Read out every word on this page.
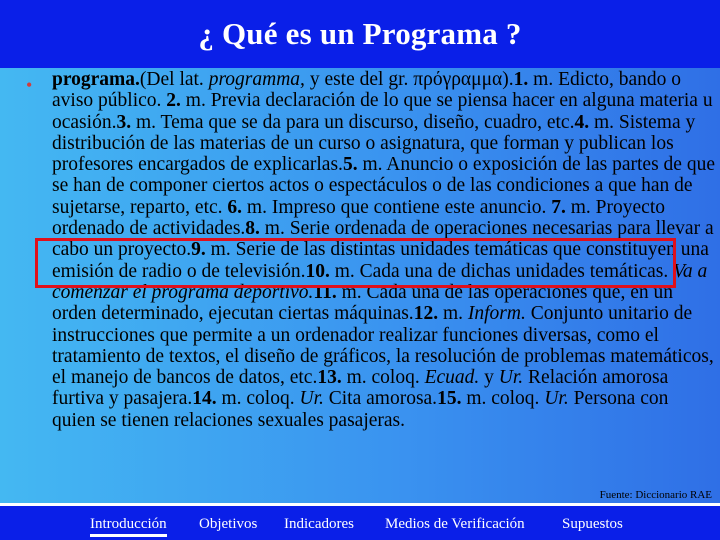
¿ Qué es un Programa ?
• programa.(Del lat. programma, y este del gr. πρόγραμμα).1. m. Edicto, bando o aviso público. 2. m. Previa declaración de lo que se piensa hacer en alguna materia u ocasión.3. m. Tema que se da para un discurso, diseño, cuadro, etc.4. m. Sistema y distribución de las materias de un curso o asignatura, que forman y publican los profesores encargados de explicarlas.5. m. Anuncio o exposición de las partes de que se han de componer ciertos actos o espectáculos o de las condiciones a que han de sujetarse, reparto, etc. 6. m. Impreso que contiene este anuncio. 7. m. Proyecto ordenado de actividades.8. m. Serie ordenada de operaciones necesarias para llevar a cabo un proyecto.9. m. Serie de las distintas unidades temáticas que constituyen una emisión de radio o de televisión.10. m. Cada una de dichas unidades temáticas. Va a comenzar el programa deportivo.11. m. Cada una de las operaciones que, en un orden determinado, ejecutan ciertas máquinas.12. m. Inform. Conjunto unitario de instrucciones que permite a un ordenador realizar funciones diversas, como el tratamiento de textos, el diseño de gráficos, la resolución de problemas matemáticos, el manejo de bancos de datos, etc.13. m. coloq. Ecuad. y Ur. Relación amorosa furtiva y pasajera.14. m. coloq. Ur. Cita amorosa.15. m. coloq. Ur. Persona con quien se tienen relaciones sexuales pasajeras.

Fuente: Diccionario RAE
Introducción Objetivos Indicadores Medios de Verificación Supuestos
